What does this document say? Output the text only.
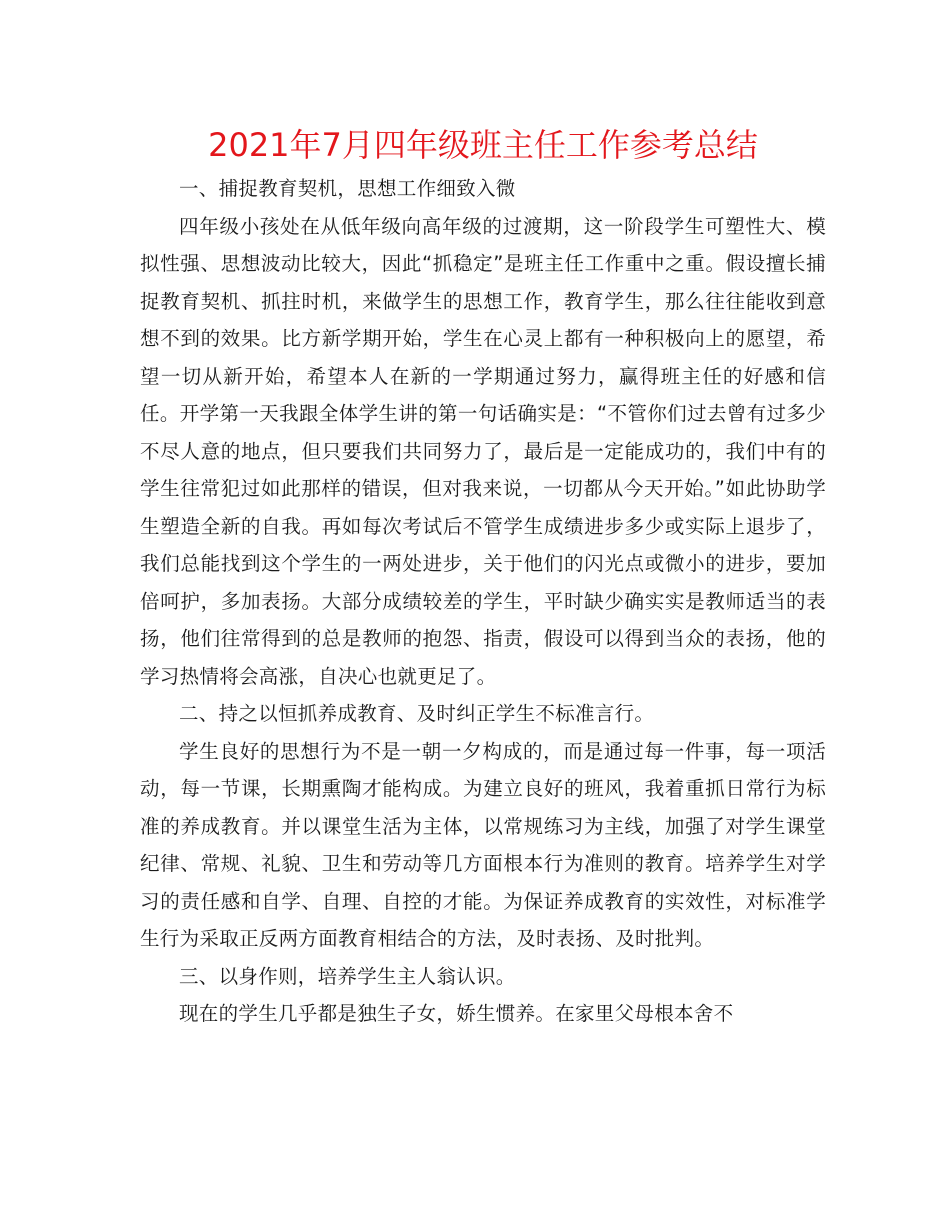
2021年7月四年级班主任工作参考总结

一、捕捉教育契机，思想工作细致入微

四年级小孩处在从低年级向高年级的过渡期，这一阶段学生可塑性大、模拟性强、思想波动比较大，因此“抓稳定”是班主任工作重中之重。假设擅长捕捉教育契机、抓拄时机，来做学生的思想工作，教育学生，那么往往能收到意想不到的效果。比方新学期开始，学生在心灵上都有一种积极向上的愿望，希望一切从新开始，希望本人在新的一学期通过努力，赢得班主任的好感和信任。开学第一天我跟全体学生讲的第一句话确实是：“不管你们过去曾有过多少不尽人意的地点，但只要我们共同努力了，最后是一定能成功的，我们中有的学生往常犯过如此那样的错误，但对我来说，一切都从今天开始。”如此协助学生塑造全新的自我。再如每次考试后不管学生成绩进步多少或实际上退步了，我们总能找到这个学生的一两处进步，关于他们的闪光点或微小的进步，要加倍呵护，多加表扬。大部分成绩较差的学生，平时缺少确实实是教师适当的表扬，他们往常得到的总是教师的抱怨、指责，假设可以得到当众的表扬，他的学习热情将会高涨，自决心也就更足了。

二、持之以恒抓养成教育、及时纠正学生不标准言行。

学生良好的思想行为不是一朝一夕构成的，而是通过每一件事，每一项活动，每一节课，长期熏陶才能构成。为建立良好的班风，我着重抓日常行为标准的养成教育。并以课堂生活为主体，以常规练习为主线，加强了对学生课堂纪律、常规、礼貌、卫生和劳动等几方面根本行为准则的教育。培养学生对学习的责任感和自学、自理、自控的才能。为保证养成教育的实效性，对标准学生行为采取正反两方面教育相结合的方法，及时表扬、及时批判。

三、以身作则，培养学生主人翁认识。

现在的学生几乎都是独生子女，娇生惯养。在家里父母根本舍不
